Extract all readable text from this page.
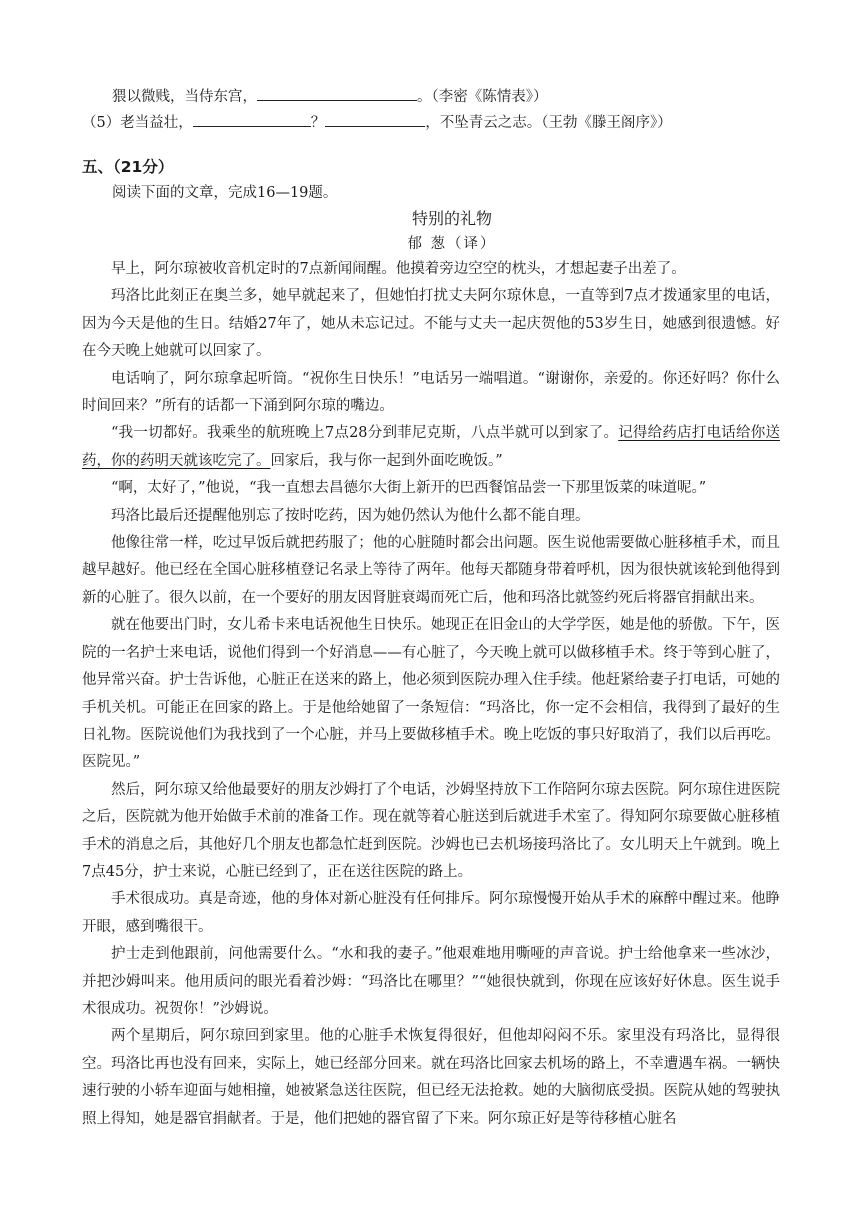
猥以微贱，当侍东宫，	。（李密《陈情表》）
（5）老当益壮，	？	，不坠青云之志。（王勃《滕王阁序》）
五、（21分）
阅读下面的文章，完成16—19题。
特别的礼物
郁 葱（译）

早上，阿尔琼被收音机定时的7点新闻闹醒。他摸着旁边空空的枕头，才想起妻子出差了。

玛洛比此刻正在奥兰多，她早就起来了，但她怕打扰丈夫阿尔琼休息，一直等到7点才拨通家里的电话，因为今天是他的生日。结婚27年了，她从未忘记过。不能与丈夫一起庆贺他的53岁生日，她感到很遗憾。好在今天晚上她就可以回家了。

电话响了，阿尔琼拿起听筒。“祝你生日快乐！”电话另一端唱道。“谢谢你，亲爱的。你还好吗？你什么时间回来？”所有的话都一下涌到阿尔琼的嘴边。

“我一切都好。我乘坐的航班晚上7点28分到菲尼克斯，八点半就可以到家了。记得给药店打电话给你送药，你的药明天就该吃完了。回家后，我与你一起到外面吃晚饭。”

“啊，太好了，”他说，“我一直想去昌德尔大街上新开的巴西餐馆品尝一下那里饭菜的味道呢。”

玛洛比最后还提醒他别忘了按时吃药，因为她仍然认为他什么都不能自理。

他像往常一样，吃过早饭后就把药服了；他的心脏随时都会出问题。医生说他需要做心脏移植手术，而且越早越好。他已经在全国心脏移植登记名录上等待了两年。他每天都随身带着呼机，因为很快就该轮到他得到新的心脏了。很久以前，在一个要好的朋友因肾脏衰竭而死亡后，他和玛洛比就签约死后将器官捐献出来。

就在他要出门时，女儿希卡来电话祝他生日快乐。她现正在旧金山的大学学医，她是他的骄傲。下午，医院的一名护士来电话，说他们得到一个好消息——有心脏了，今天晚上就可以做移植手术。终于等到心脏了，他异常兴奋。护士告诉他，心脏正在送来的路上，他必须到医院办理入住手续。他赶紧给妻子打电话，可她的手机关机。可能正在回家的路上。于是他给她留了一条短信：“玛洛比，你一定不会相信，我得到了最好的生日礼物。医院说他们为我找到了一个心脏，并马上要做移植手术。晚上吃饭的事只好取消了，我们以后再吃。医院见。”

然后，阿尔琼又给他最要好的朋友沙姆打了个电话，沙姆坚持放下工作陪阿尔琼去医院。阿尔琼住进医院之后，医院就为他开始做手术前的准备工作。现在就等着心脏送到后就进手术室了。得知阿尔琼要做心脏移植手术的消息之后，其他好几个朋友也都急忙赶到医院。沙姆也已去机场接玛洛比了。女儿明天上午就到。晚上7点45分，护士来说，心脏已经到了，正在送往医院的路上。

手术很成功。真是奇迹，他的身体对新心脏没有任何排斥。阿尔琼慢慢开始从手术的麻醉中醒过来。他睁开眼，感到嘴很干。

护士走到他跟前，问他需要什么。“水和我的妻子。”他艰难地用嘶哑的声音说。护士给他拿来一些冰沙，并把沙姆叫来。他用质问的眼光看着沙姆：“玛洛比在哪里？”“她很快就到，你现在应该好好休息。医生说手术很成功。祝贺你！”沙姆说。

两个星期后，阿尔琼回到家里。他的心脏手术恢复得很好，但他却闷闷不乐。家里没有玛洛比，显得很空。玛洛比再也没有回来，实际上，她已经部分回来。就在玛洛比回家去机场的路上，不幸遭遇车祸。一辆快速行驶的小轿车迎面与她相撞，她被紧急送往医院，但已经无法抢救。她的大脑彻底受损。医院从她的驾驶执照上得知，她是器官捐献者。于是，他们把她的器官留了下来。阿尔琼正好是等待移植心脏名
